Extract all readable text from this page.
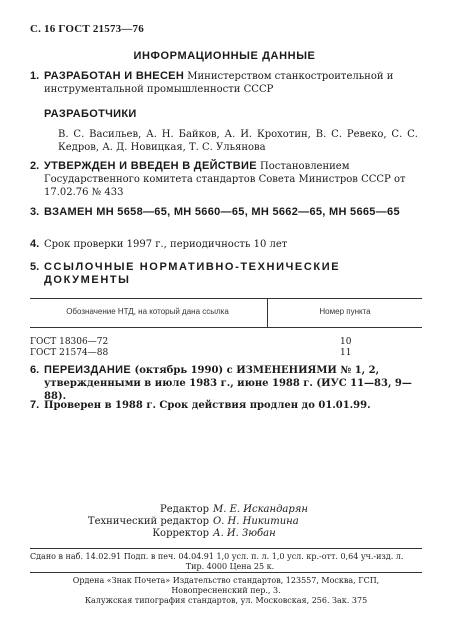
С. 16 ГОСТ 21573—76
ИНФОРМАЦИОННЫЕ ДАННЫЕ
1. РАЗРАБОТАН И ВНЕСЕН Министерством станкостроительной и инструментальной промышленности СССР
РАЗРАБОТЧИКИ
В. С. Васильев, А. Н. Байков, А. И. Крохотин, В. С. Ревеко, С. С. Кедров, А. Д. Новицкая, Т. С. Ульянова
2. УТВЕРЖДЕН И ВВЕДЕН В ДЕЙСТВИЕ Постановлением Государственного комитета стандартов Совета Министров СССР от 17.02.76 № 433
3. ВЗАМЕН МН 5658—65, МН 5660—65, МН 5662—65, МН 5665—65
4. Срок проверки 1997 г., периодичность 10 лет
5. ССЫЛОЧНЫЕ НОРМАТИВНО-ТЕХНИЧЕСКИЕ ДОКУМЕНТЫ
Обозначение НТД, на который дана ссылка	Номер пункта
ГОСТ 18306—72	10
ГОСТ 21574—88	11
6. ПЕРЕИЗДАНИЕ (октябрь 1990) с ИЗМЕНЕНИЯМИ № 1, 2, утвержденными в июле 1983 г., июне 1988 г. (ИУС 11—83, 9—88).
7. Проверен в 1988 г. Срок действия продлен до 01.01.99.
Редактор М. Е. Искандарян
Технический редактор О. Н. Никитина
Корректор А. И. Зюбан
Сдано в наб. 14.02.91 Подп. в печ. 04.04.91 1,0 усл. п. л. 1,0 усл. кр.-отт. 0,64 уч.-изд. л.
Тир. 4000 Цена 25 к.
Ордена «Знак Почета» Издательство стандартов, 123557, Москва, ГСП,
Новопресненский пер., 3.
Калужская типография стандартов, ул. Московская, 256. Зак. 375
